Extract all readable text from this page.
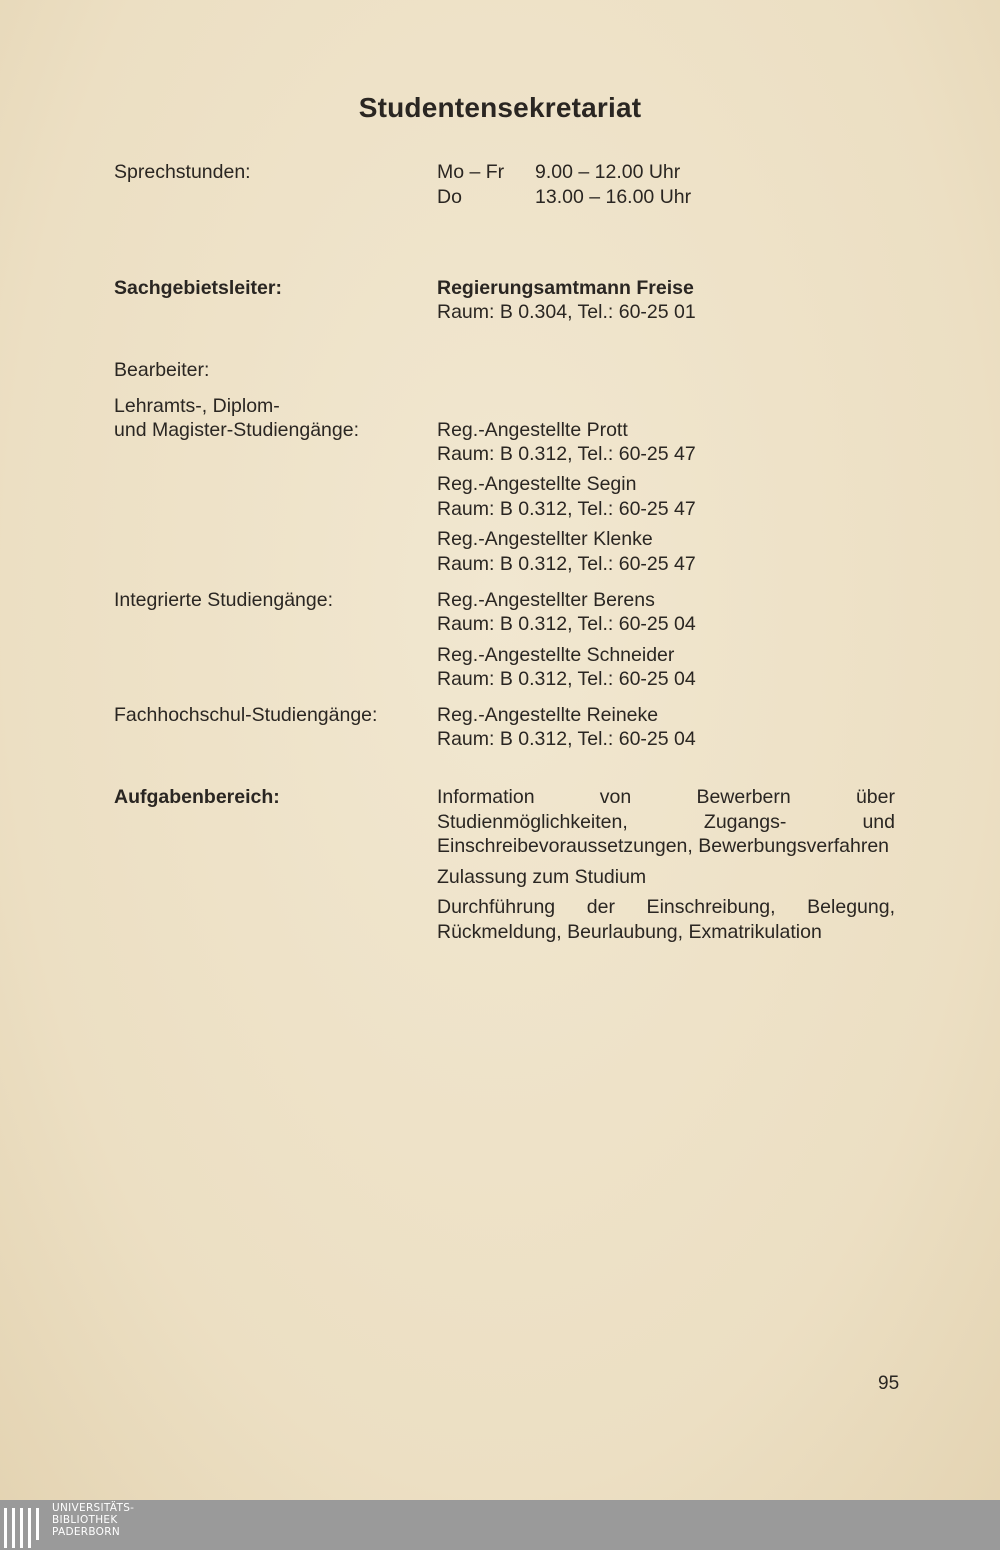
Studentensekretariat
Sprechstunden:	Mo – Fr 9.00 – 12.00 Uhr
Do	13.00 – 16.00 Uhr
Sachgebietsleiter:	Regierungsamtmann Freise
Raum: B 0.304, Tel.: 60-25 01
Bearbeiter:
Lehramts-, Diplom-
und Magister-Studiengänge:	Reg.-Angestellte Prott
Raum: B 0.312, Tel.: 60-25 47
Reg.-Angestellte Segin
Raum: B 0.312, Tel.: 60-25 47
Reg.-Angestellter Klenke
Raum: B 0.312, Tel.: 60-25 47
Integrierte Studiengänge:	Reg.-Angestellter Berens
Raum: B 0.312, Tel.: 60-25 04
Reg.-Angestellte Schneider
Raum: B 0.312, Tel.: 60-25 04
Fachhochschul-Studiengänge:	Reg.-Angestellte Reineke
Raum: B 0.312, Tel.: 60-25 04
Aufgabenbereich:	Information von Bewerbern über Studienmöglichkeiten, Zugangs- und Einschreibevoraussetzungen, Bewerbungsverfahren

Zulassung zum Studium

Durchführung der Einschreibung, Belegung, Rückmeldung, Beurlaubung, Exmatrikulation

95
UNIVERSITÄTS-
BIBLIOTHEK
PADERBORN
